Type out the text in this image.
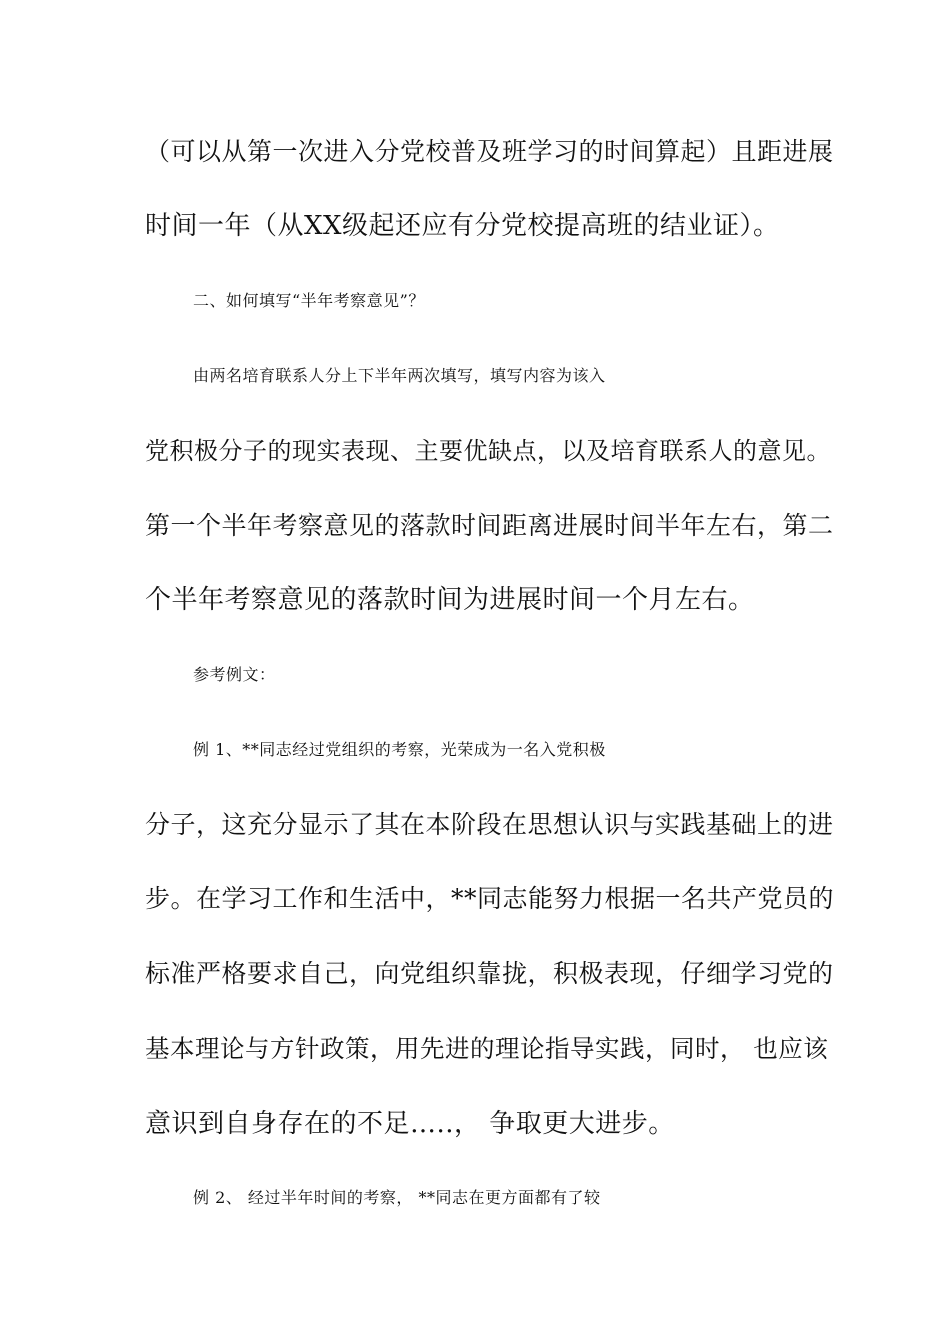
（可以从第一次进入分党校普及班学习的时间算起）且距进展
时间一年（从XX级起还应有分党校提高班的结业证）。
二、如何填写“半年考察意见”？
由两名培育联系人分上下半年两次填写，填写内容为该入
党积极分子的现实表现、主要优缺点，以及培育联系人的意见。
第一个半年考察意见的落款时间距离进展时间半年左右，第二
个半年考察意见的落款时间为进展时间一个月左右。
参考例文：
例 1、**同志经过党组织的考察，光荣成为一名入党积极
分子，这充分显示了其在本阶段在思想认识与实践基础上的进
步。在学习工作和生活中，**同志能努力根据一名共产党员的
标准严格要求自己，向党组织靠拢，积极表现，仔细学习党的
基本理论与方针政策，用先进的理论指导实践，同时， 也应该
意识到自身存在的不足…..， 争取更大进步。
例 2、 经过半年时间的考察， **同志在更方面都有了较
